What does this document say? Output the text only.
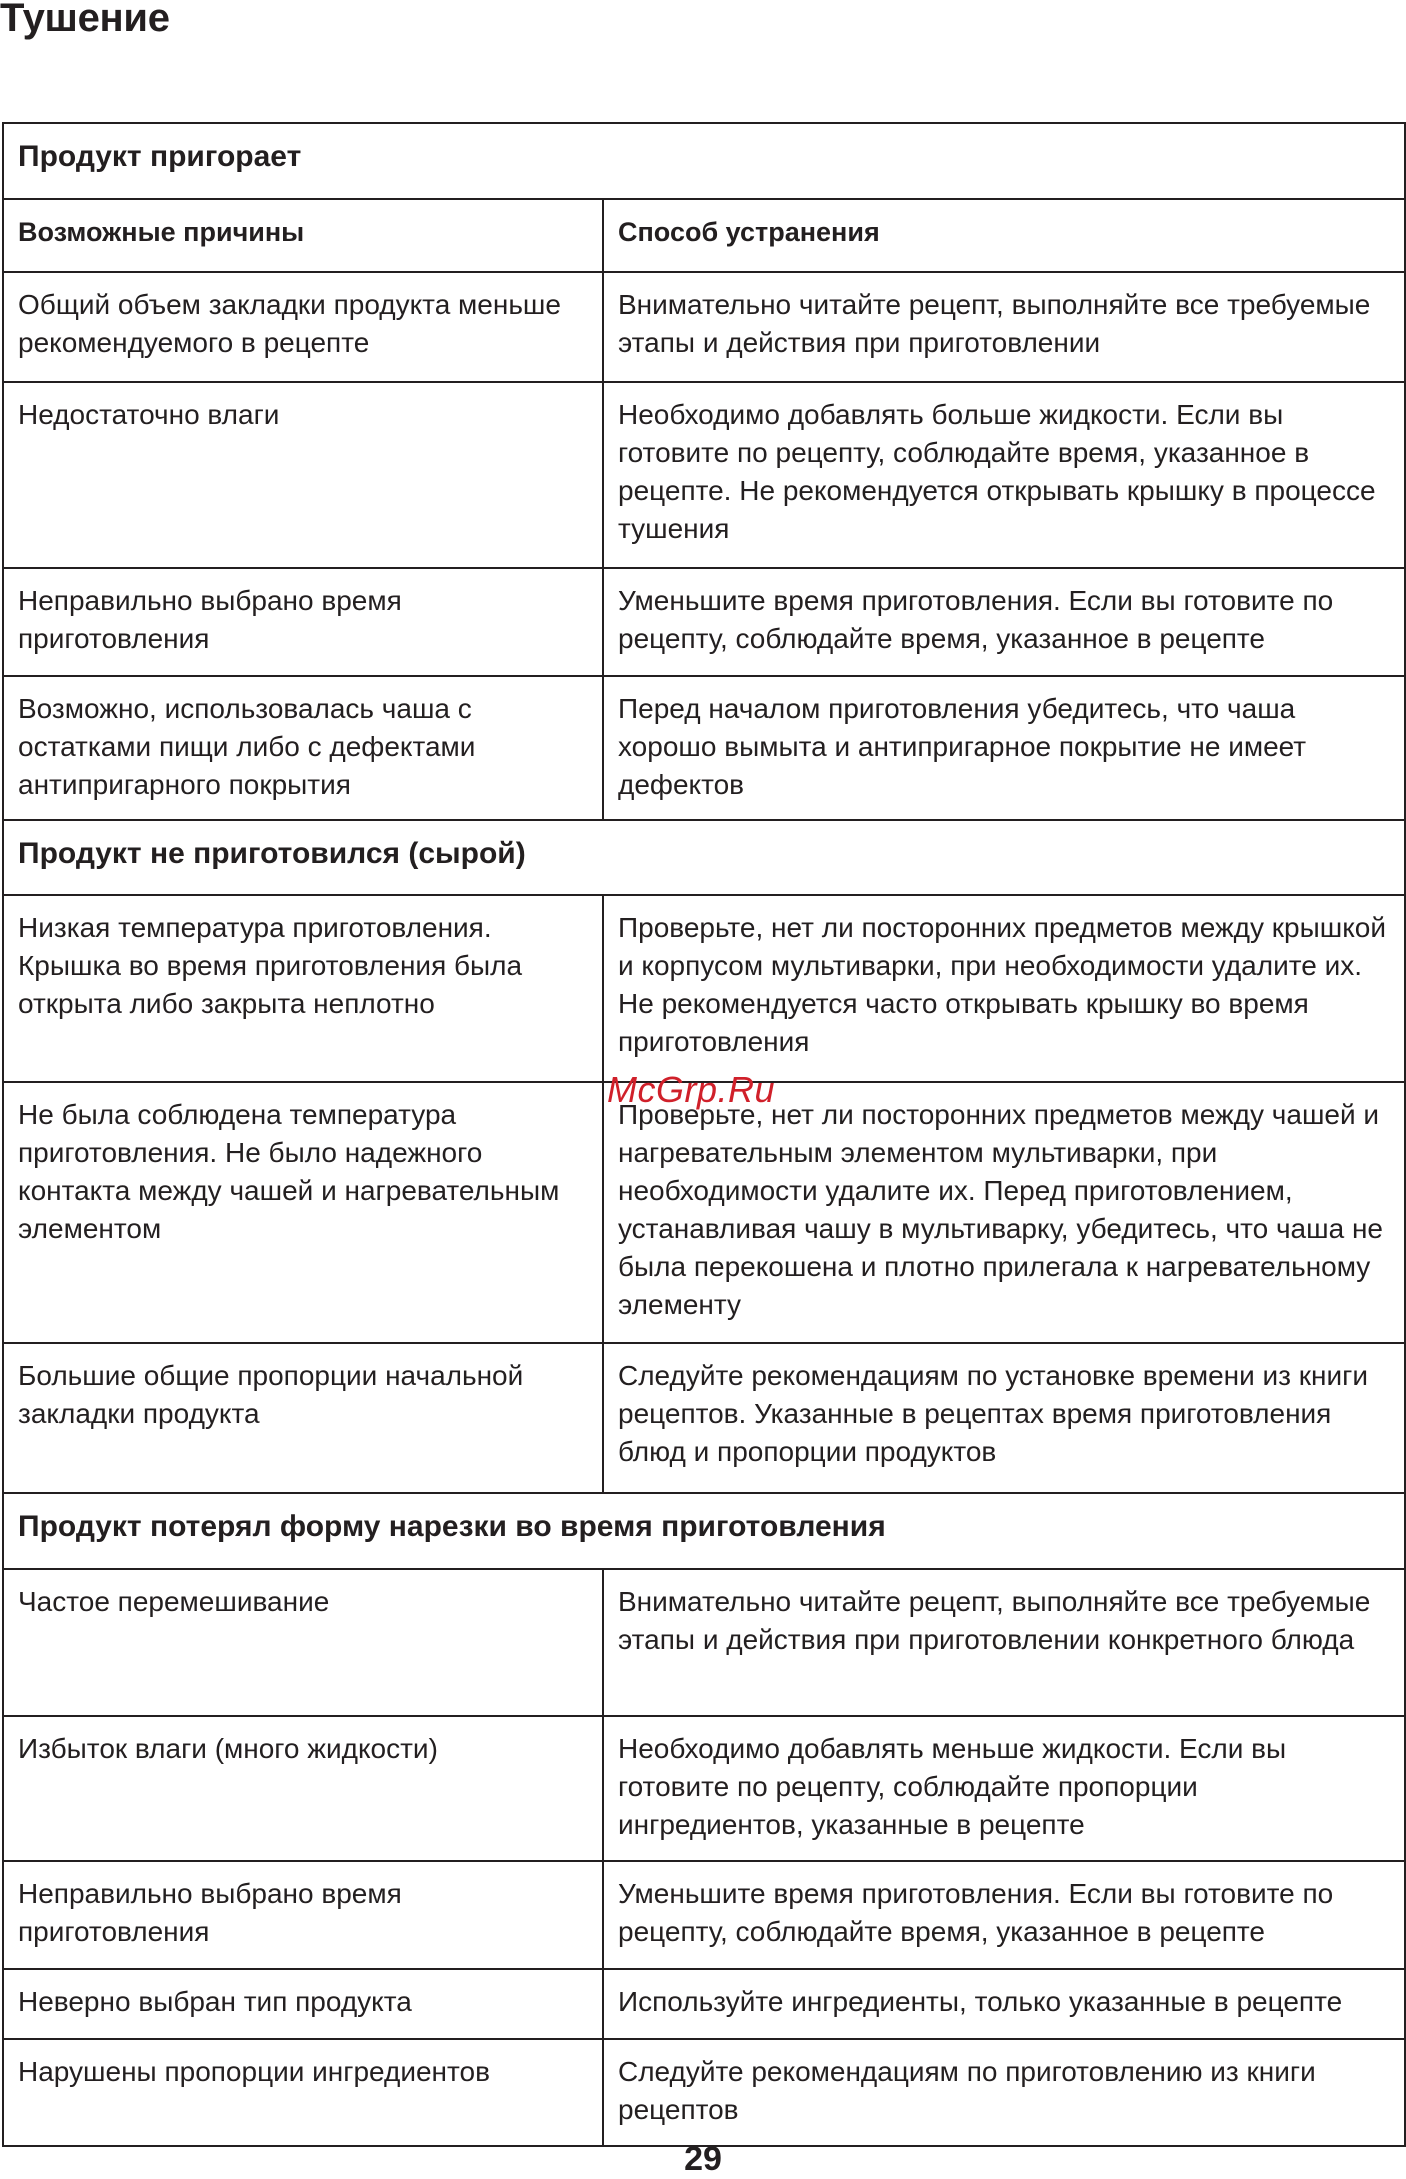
Тушение
Продукт пригорает	
Возможные причины	Способ устранения
Общий объем закладки продукта меньше рекомендуемого в рецепте	Внимательно читайте рецепт, выполняйте все требуемые этапы и действия при приготовлении
Недостаточно влаги	Необходимо добавлять больше жидкости. Если вы готовите по рецепту, соблюдайте время, указанное в рецепте. Не рекомендуется открывать крышку в процессе тушения
Неправильно выбрано время приготовления	Уменьшите время приготовления. Если вы готовите по рецепту, соблюдайте время, указанное в рецепте
Возможно, использовалась чаша с остатками пищи либо с дефектами антипригарного покрытия	Перед началом приготовления убедитесь, что чаша хорошо вымыта и антипригарное покрытие не имеет дефектов
Продукт не приготовился (сырой)	
Низкая температура приготовления. Крышка во время приготовления была открыта либо закрыта неплотно	Проверьте, нет ли посторонних предметов между крышкой и корпусом мультиварки, при необходимости удалите их. Не рекомендуется часто открывать крышку во время приготовления
Не была соблюдена температура приготовления. Не было надежного контакта между чашей и нагревательным элементом	Проверьте, нет ли посторонних предметов между чашей и нагревательным элементом мультиварки, при необходимости удалите их. Перед приготовлением, устанавливая чашу в мультиварку, убедитесь, что чаша не была перекошена и плотно прилегала к нагревательному элементу
Большие общие пропорции начальной закладки продукта	Следуйте рекомендациям по установке времени из книги рецептов. Указанные в рецептах время приготовления блюд и пропорции продуктов
Продукт потерял форму нарезки во время приготовления	
Частое перемешивание	Внимательно читайте рецепт, выполняйте все требуемые этапы и действия при приготовлении конкретного блюда
Избыток влаги (много жидкости)	Необходимо добавлять меньше жидкости. Если вы готовите по рецепту, соблюдайте пропорции ингредиентов, указанные в рецепте
Неправильно выбрано время приготовления	Уменьшите время приготовления. Если вы готовите по рецепту, соблюдайте время, указанное в рецепте
Неверно выбран тип продукта	Используйте ингредиенты, только указанные в рецепте
Нарушены пропорции ингредиентов	Следуйте рекомендациям по приготовлению из книги рецептов
McGrp.Ru
29
